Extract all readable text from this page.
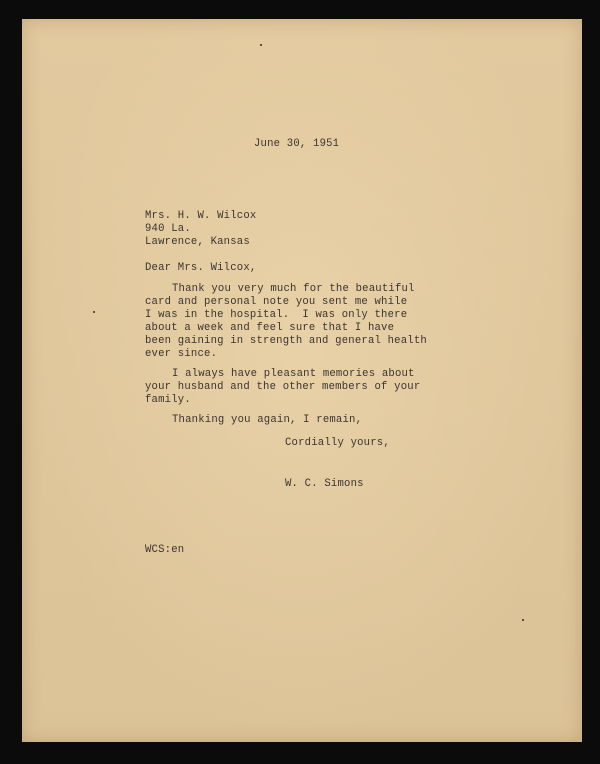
June 30, 1951
Mrs. H. W. Wilcox
940 La.
Lawrence, Kansas
Dear Mrs. Wilcox,
Thank you very much for the beautiful
card and personal note you sent me while
I was in the hospital.  I was only there
about a week and feel sure that I have
been gaining in strength and general health
ever since.
I always have pleasant memories about
your husband and the other members of your
family.
Thanking you again, I remain,
Cordially yours,
W. C. Simons
WCS:en
